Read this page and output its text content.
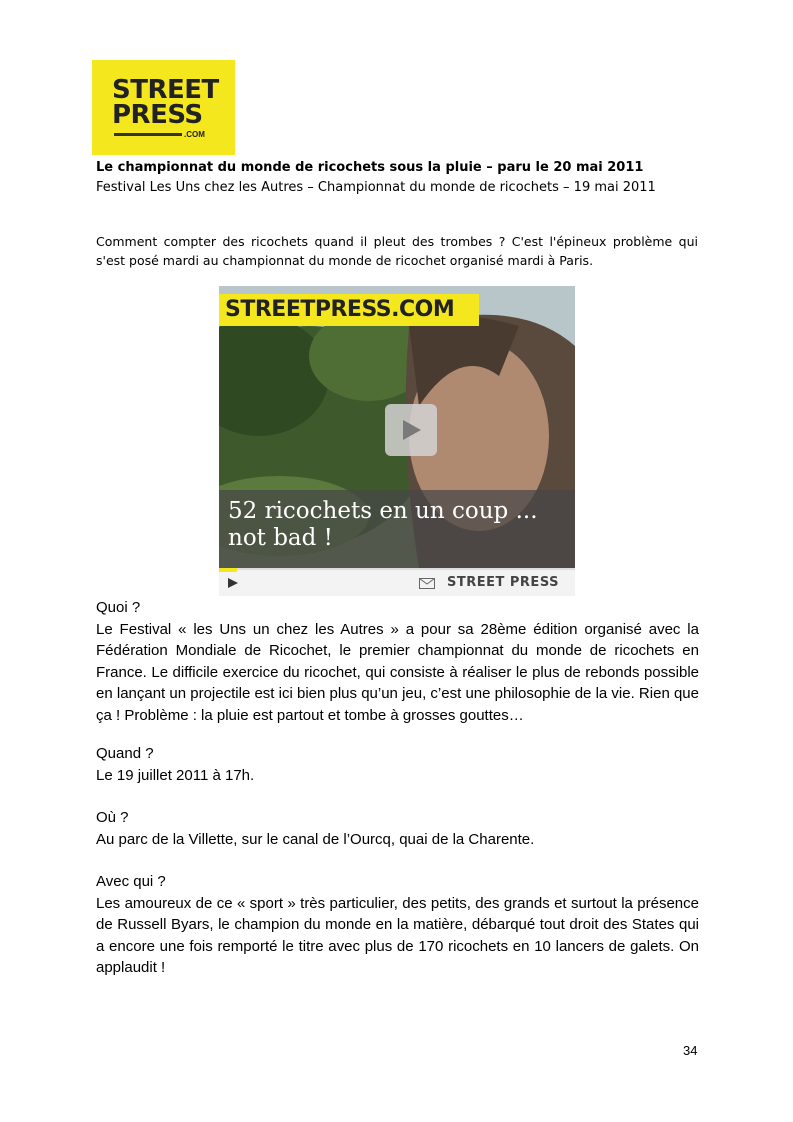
STREET
PRESS
.COM
Le championnat du monde de ricochets sous la pluie – paru le 20 mai 2011
Festival Les Uns chez les Autres – Championnat du monde de ricochets – 19 mai 2011
Comment compter des ricochets quand il pleut des trombes ? C'est l'épineux problème qui s'est posé mardi au championnat du monde de ricochet organisé mardi à Paris.
STREETPRESS.COM
52 ricochets en un coup ...
not bad !
STREET PRESS
Quoi ?
Le Festival « les Uns un chez les Autres » a pour sa 28ème édition organisé avec la Fédération Mondiale de Ricochet, le premier championnat du monde de ricochets en France. Le difficile exercice du ricochet, qui consiste à réaliser le plus de rebonds possible en lançant un projectile est ici bien plus qu’un jeu, c’est une philosophie de la vie. Rien que ça ! Problème : la pluie est partout et tombe à grosses gouttes…
Quand ?
Le 19 juillet 2011 à 17h.
Où ?
Au parc de la Villette, sur le canal de l’Ourcq, quai de la Charente.
Avec qui ?
Les amoureux de ce « sport » très particulier, des petits, des grands et surtout la présence de Russell Byars, le champion du monde en la matière, débarqué tout droit des States qui a encore une fois remporté le titre avec plus de 170 ricochets en 10 lancers de galets. On applaudit !
34
